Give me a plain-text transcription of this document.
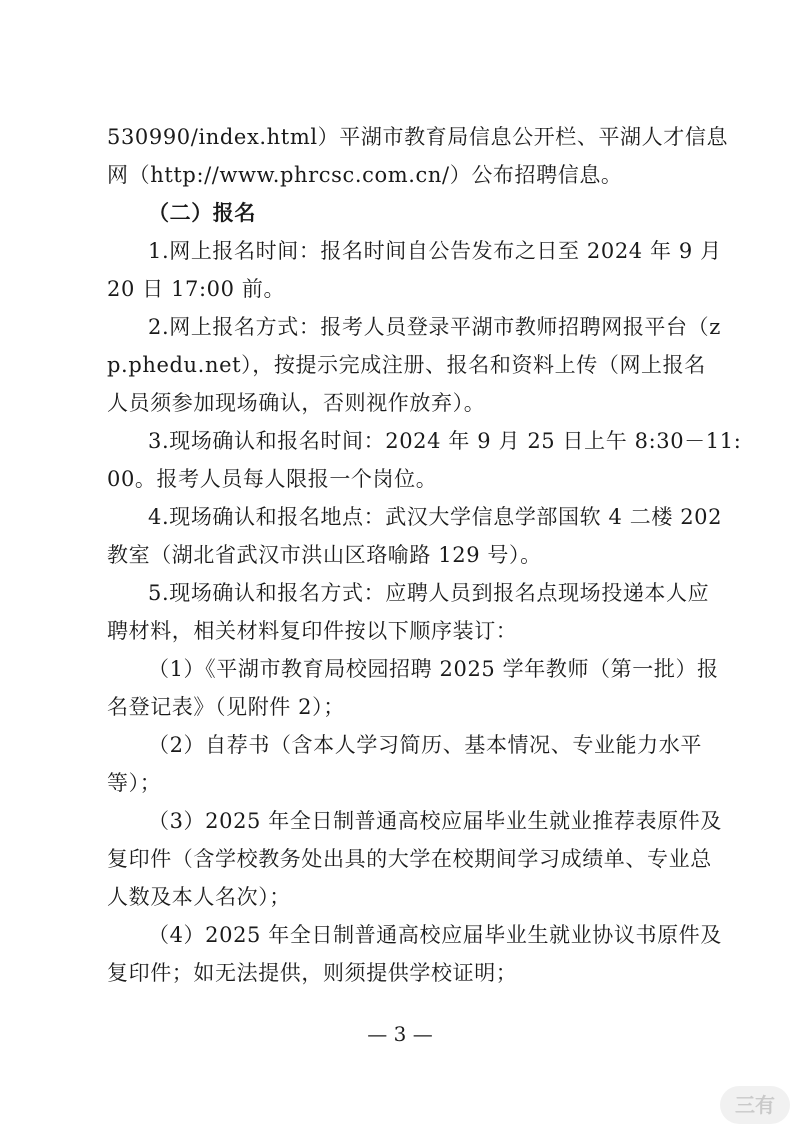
530990/index.html）平湖市教育局信息公开栏、平湖人才信息
网（http://www.phrcsc.com.cn/）公布招聘信息。
（二）报名
1.网上报名时间：报名时间自公告发布之日至 2024 年 9 月
20 日 17:00 前。
2.网上报名方式：报考人员登录平湖市教师招聘网报平台（z
p.phedu.net），按提示完成注册、报名和资料上传（网上报名
人员须参加现场确认，否则视作放弃）。
3.现场确认和报名时间：2024 年 9 月 25 日上午 8:30－11:
00。报考人员每人限报一个岗位。
4.现场确认和报名地点：武汉大学信息学部国软 4 二楼 202
教室（湖北省武汉市洪山区珞喻路 129 号）。
5.现场确认和报名方式：应聘人员到报名点现场投递本人应
聘材料，相关材料复印件按以下顺序装订：
（1）《平湖市教育局校园招聘 2025 学年教师（第一批）报
名登记表》（见附件 2）；
（2）自荐书（含本人学习简历、基本情况、专业能力水平
等）；
（3）2025 年全日制普通高校应届毕业生就业推荐表原件及
复印件（含学校教务处出具的大学在校期间学习成绩单、专业总
人数及本人名次）；
（4）2025 年全日制普通高校应届毕业生就业协议书原件及
复印件；如无法提供，则须提供学校证明；
— 3 —
三有
